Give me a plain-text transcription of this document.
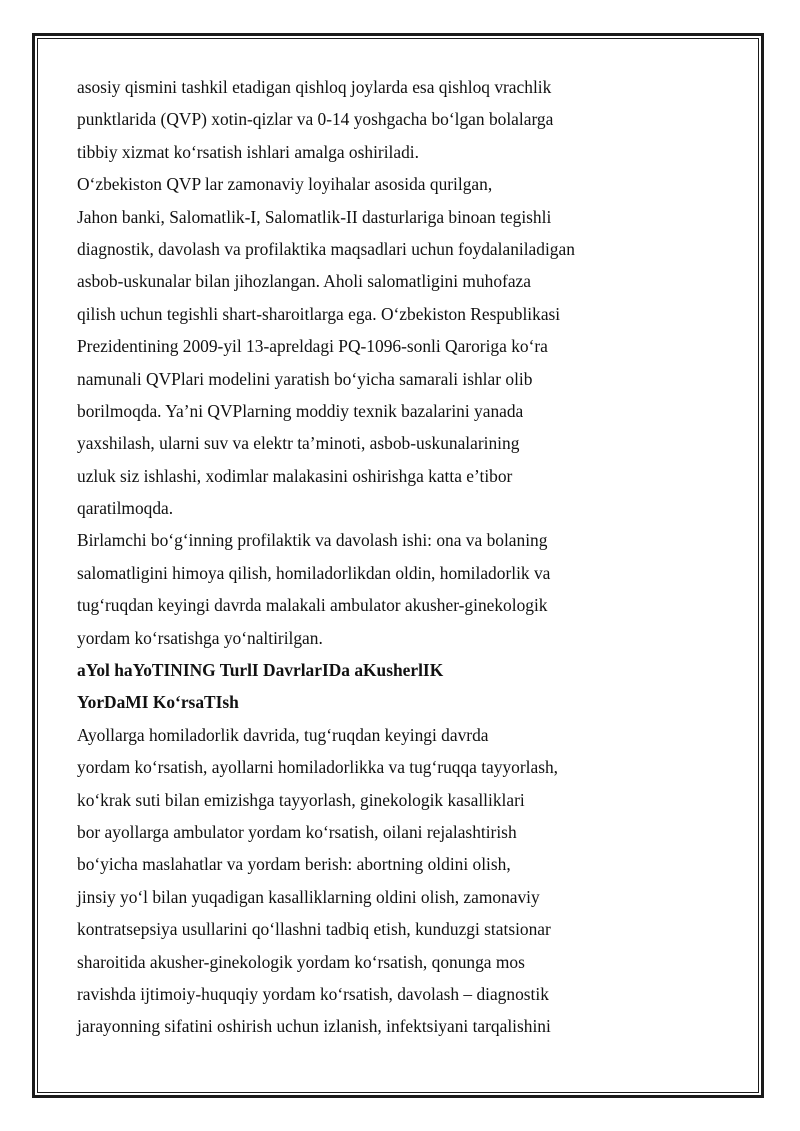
asosiy qismini tashkil etadigan qishloq joylarda esa qishloq vrachlik
punktlarida (QVP) xotin-qizlar va 0-14 yoshgacha bo‘lgan bolalarga
tibbiy xizmat ko‘rsatish ishlari amalga oshiriladi.
O‘zbekiston QVP lar zamonaviy loyihalar asosida qurilgan,
Jahon banki, Salomatlik-I, Salomatlik-II dasturlariga binoan tegishli
diagnostik, davolash va profilaktika maqsadlari uchun foydalaniladigan
asbob-uskunalar bilan jihozlangan. Aholi salomatligini muhofaza
qilish uchun tegishli shart-sharoitlarga ega. O‘zbekiston Respublikasi
Prezidentining 2009-yil 13-apreldagi PQ-1096-sonli Qaroriga ko‘ra
namunali QVPlari modelini yaratish bo‘yicha samarali ishlar olib
borilmoqda. Ya’ni QVPlarning moddiy texnik bazalarini yanada
yaxshilash, ularni suv va elektr ta’minoti, asbob-uskunalarining
uzluk siz ishlashi, xodimlar malakasini oshirishga katta e’tibor
qaratilmoqda.
Birlamchi bo‘g‘inning profilaktik va davolash ishi: ona va bolaning
salomatligini himoya qilish, homiladorlikdan oldin, homiladorlik va
tug‘ruqdan keyingi davrda malakali ambulator akusher-ginekologik
yordam ko‘rsatishga yo‘naltirilgan.
aYol haYoTINING TurlI DavrlarIDa aKusherlIK
YorDaMI Ko‘rsaTIsh
Ayollarga homiladorlik davrida, tug‘ruqdan keyingi davrda
yordam ko‘rsatish, ayollarni homiladorlikka va tug‘ruqqa tayyorlash,
ko‘krak suti bilan emizishga tayyorlash, ginekologik kasalliklari
bor ayollarga ambulator yordam ko‘rsatish, oilani rejalashtirish
bo‘yicha maslahatlar va yordam berish: abortning oldini olish,
jinsiy yo‘l bilan yuqadigan kasalliklarning oldini olish, zamonaviy
kontratsepsiya usullarini qo‘llashni tadbiq etish, kunduzgi statsionar
sharoitida akusher-ginekologik yordam ko‘rsatish, qonunga mos
ravishda ijtimoiy-huquqiy yordam ko‘rsatish, davolash – diagnostik
jarayonning sifatini oshirish uchun izlanish, infektsiyani tarqalishini
